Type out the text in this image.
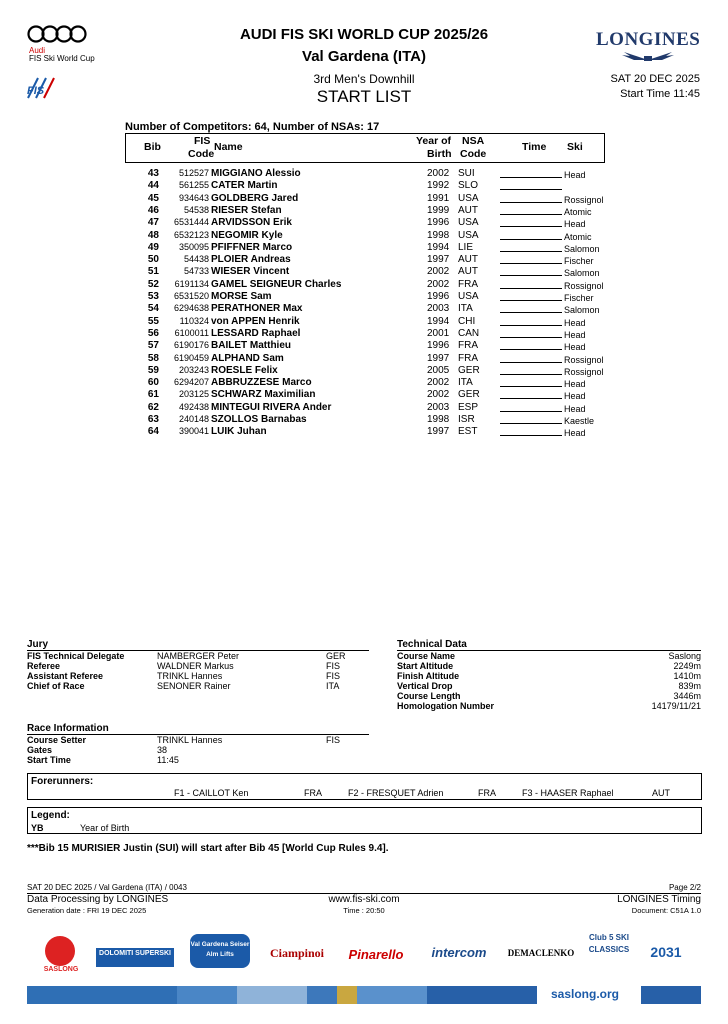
Audi
FIS Ski World Cup
AUDI FIS SKI WORLD CUP 2025/26
Val Gardena (ITA)
3rd Men's Downhill
START LIST
LONGINES
FIS
SAT 20 DEC 2025
Start Time 11:45
Number of Competitors: 64, Number of NSAs: 17
Bib	FIS
Code
Name	Year of
Birth
NSA
Code
Time Ski
43	512527 MIGGIANO Alessio	2002 SUI	Head
44	561255 CATER Martin	1992 SLO
45	934643 GOLDBERG Jared	1991 USA	Rossignol
46	54538 RIESER Stefan	1999 AUT	Atomic
47 6531444 ARVIDSSON Erik	1996 USA	Head
48 6532123 NEGOMIR Kyle	1998 USA	Atomic
49	350095 PFIFFNER Marco	1994 LIE	Salomon
50	54438 PLOIER Andreas	1997 AUT	Fischer
51	54733 WIESER Vincent	2002 AUT	Salomon
52 6191134 GAMEL SEIGNEUR Charles	2002 FRA	Rossignol
53 6531520 MORSE Sam	1996 USA	Fischer
54 6294638 PERATHONER Max	2003 ITA	Salomon
55	110324 von APPEN Henrik	1994 CHI	Head
56 6100011 LESSARD Raphael	2001 CAN	Head
57 6190176 BAILET Matthieu	1996 FRA	Head
58 6190459 ALPHAND Sam	1997 FRA	Rossignol
59	203243 ROESLE Felix	2005 GER	Rossignol
60 6294207 ABBRUZZESE Marco	2002 ITA	Head
61	203125 SCHWARZ Maximilian	2002 GER	Head
62	492438 MINTEGUI RIVERA Ander	2003 ESP	Head
63	240148 SZOLLOS Barnabas	1998 ISR	Kaestle
64	390041 LUIK Juhan	1997 EST	Head
Jury
FIS Technical Delegate	NAMBERGER Peter	GER
Referee	WALDNER Markus	FIS
Assistant Referee	TRINKL Hannes	FIS
Chief of Race	SENONER Rainer	ITA
Technical Data
Course Name	Saslong
Start Altitude	2249m
Finish Altitude	1410m
Vertical Drop	839m
Course Length	3446m
Homologation Number	14179/11/21
Race Information
Course Setter	TRINKL Hannes	FIS
Gates	38
Start Time	11:45
Forerunners:
F1 - CAILLOT Ken	FRA	F2 - FRESQUET Adrien	FRA	F3 - HAASER Raphael	AUT
Legend:
YB	Year of Birth
***Bib 15 MURISIER Justin (SUI) will start after Bib 45 [World Cup Rules 9.4].
SAT 20 DEC 2025 / Val Gardena (ITA) / 0043	Page 2/2
Data Processing by LONGINES	www.fis-ski.com	LONGINES Timing
Generation date : FRI 19 DEC 2025	Time : 20:50	Document: C51A 1.0
SASLONG
DOLOMITI SUPERSKI
Val Gardena Seiser Alm Lifts	Ciampinoi	Pinarello	intercom	DEMACLENKO
Club 5 SKI CLASSICS	2031
saslong.org
